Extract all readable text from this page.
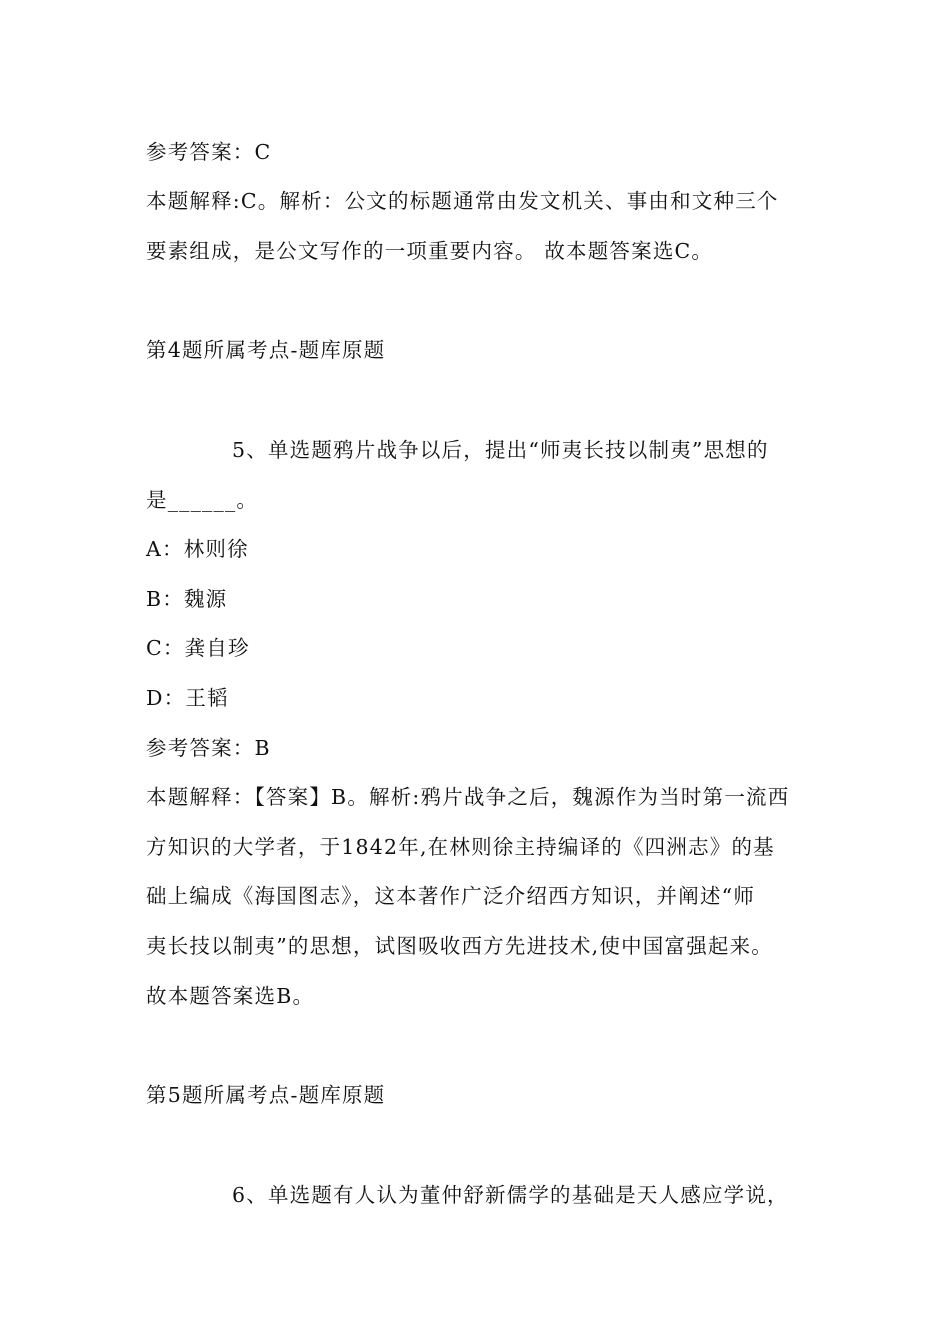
参考答案：C
本题解释:C。解析：公文的标题通常由发文机关、事由和文种三个
要素组成，是公文写作的一项重要内容。 故本题答案选C。
第4题所属考点-题库原题
5、单选题鸦片战争以后，提出“师夷长技以制夷”思想的
是______。
A：林则徐
B：魏源
C：龚自珍
D：王韬
参考答案：B
本题解释：【答案】B。解析:鸦片战争之后，魏源作为当时第一流西
方知识的大学者，于1842年,在林则徐主持编译的《四洲志》的基
础上编成《海国图志》，这本著作广泛介绍西方知识，并阐述“师
夷长技以制夷”的思想，试图吸收西方先进技术,使中国富强起来。
故本题答案选B。
第5题所属考点-题库原题
6、单选题有人认为董仲舒新儒学的基础是天人感应学说，
